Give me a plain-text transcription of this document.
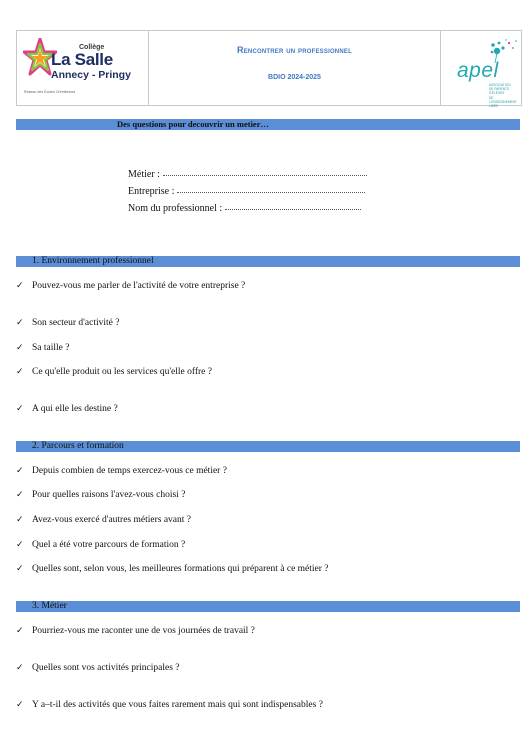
Collège
La Salle
Annecy - Pringy
Réseau des Écoles Chrétiennes
Rencontrer un professionnel
BDIO 2024-2025	apel
ASSOCIATION
DE PARENTS D'ÉLÈVES
DE L'ENSEIGNEMENT LIBRE
Des questions pour decouvrir un metier…
Métier :
Entreprise :
Nom du professionnel :
1. Environnement professionnel
✓ Pouvez-vous me parler de l'activité de votre entreprise ?
✓ Son secteur d'activité ?
✓ Sa taille ?
✓ Ce qu'elle produit ou les services qu'elle offre ?
✓ A qui elle les destine ?
2. Parcours et formation
✓ Depuis combien de temps exercez-vous ce métier ?
✓ Pour quelles raisons l'avez-vous choisi ?
✓ Avez-vous exercé d'autres métiers avant ?
✓ Quel a été votre parcours de formation ?
✓ Quelles sont, selon vous, les meilleures formations qui préparent à ce métier ?
3. Métier
✓ Pourriez-vous me raconter une de vos journées de travail ?
✓ Quelles sont vos activités principales ?
✓ Y a–t-il des activités que vous faites rarement mais qui sont indispensables ?
